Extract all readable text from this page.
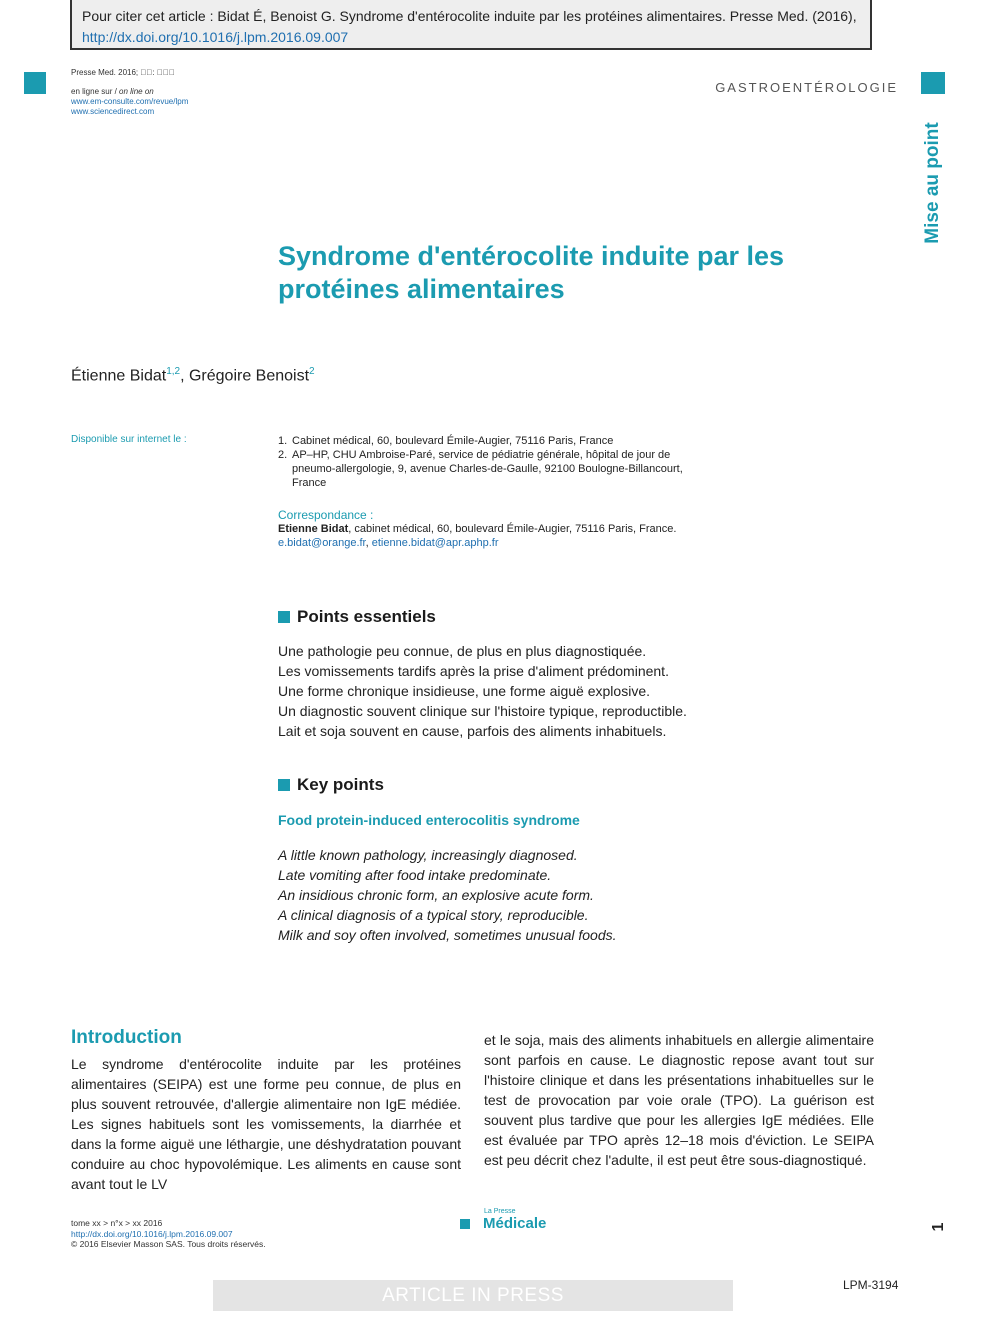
Pour citer cet article : Bidat É, Benoist G. Syndrome d'entérocolite induite par les protéines alimentaires. Presse Med. (2016),
http://dx.doi.org/10.1016/j.lpm.2016.09.007
Presse Med. 2016; ￿￿: ￿￿￿
en ligne sur / on line on
www.em-consulte.com/revue/lpm
www.sciencedirect.com
GASTROENTÉROLOGIE
Mise au point
Syndrome d'entérocolite induite par les protéines alimentaires
Étienne Bidat$^{1,2}$, Grégoire Benoist$^2$
Disponible sur internet le :	1. Cabinet médical, 60, boulevard Émile-Augier, 75116 Paris, France
2. AP–HP, CHU Ambroise-Paré, service de pédiatrie générale, hôpital de jour de pneumo-allergologie, 9, avenue Charles-de-Gaulle, 92100 Boulogne-Billancourt, France
Correspondance :
Etienne Bidat, cabinet médical, 60, boulevard Émile-Augier, 75116 Paris, France.
e.bidat@orange.fr, etienne.bidat@apr.aphp.fr
Points essentiels
Une pathologie peu connue, de plus en plus diagnostiquée.
Les vomissements tardifs après la prise d'aliment prédominent.
Une forme chronique insidieuse, une forme aiguë explosive.
Un diagnostic souvent clinique sur l'histoire typique, reproductible.
Lait et soja souvent en cause, parfois des aliments inhabituels.
Key points
Food protein-induced enterocolitis syndrome
A little known pathology, increasingly diagnosed.
Late vomiting after food intake predominate.
An insidious chronic form, an explosive acute form.
A clinical diagnosis of a typical story, reproducible.
Milk and soy often involved, sometimes unusual foods.
Introduction
Le syndrome d'entérocolite induite par les protéines alimentaires (SEIPA) est une forme peu connue, de plus en plus souvent retrouvée, d'allergie alimentaire non IgE médiée. Les signes habituels sont les vomissements, la diarrhée et dans la forme aiguë une léthargie, une déshydratation pouvant conduire au choc hypovolémique. Les aliments en cause sont avant tout le LV
et le soja, mais des aliments inhabituels en allergie alimentaire sont parfois en cause. Le diagnostic repose avant tout sur l'histoire clinique et dans les présentations inhabituelles sur le test de provocation par voie orale (TPO). La guérison est souvent plus tardive que pour les allergies IgE médiées. Elle est évaluée par TPO après 12–18 mois d'éviction. Le SEIPA est peu décrit chez l'adulte, il est peut être sous-diagnostiqué.
tome xx > n°x > xx 2016
http://dx.doi.org/10.1016/j.lpm.2016.09.007
© 2016 Elsevier Masson SAS. Tous droits réservés.
La Presse
Médicale	1
ARTICLE IN PRESS	LPM-3194
